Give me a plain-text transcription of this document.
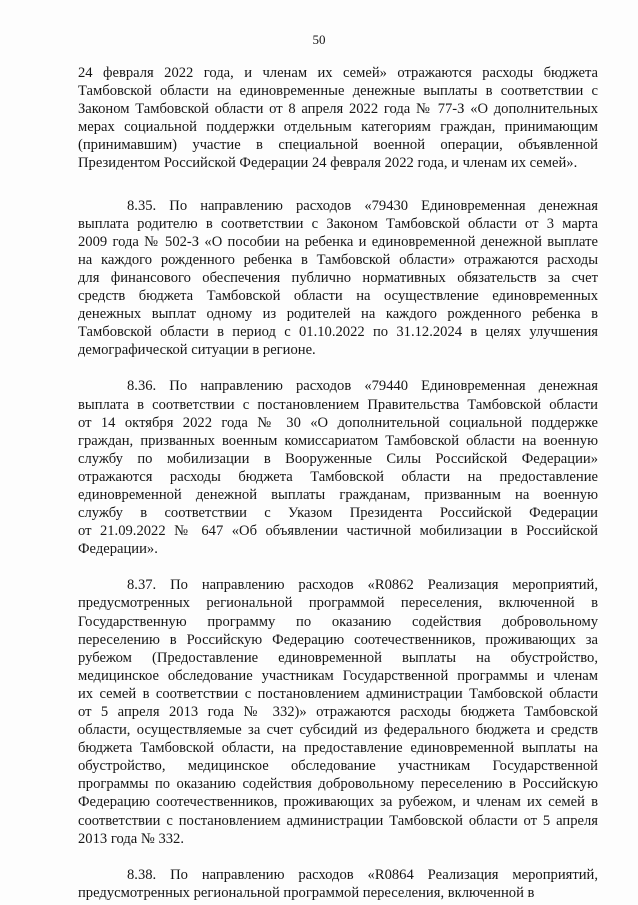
50
24 февраля 2022 года, и членам их семей» отражаются расходы бюджета
Тамбовской области на единовременные денежные выплаты в соответствии с
Законом Тамбовской области от 8 апреля 2022 года № 77-З «О дополнительных
мерах социальной поддержки отдельным категориям граждан, принимающим
(принимавшим) участие в специальной военной операции, объявленной
Президентом Российской Федерации 24 февраля 2022 года, и членам их семей».
8.35. По направлению расходов «79430 Единовременная денежная
выплата родителю в соответствии с Законом Тамбовской области от 3 марта
2009 года № 502-З «О пособии на ребенка и единовременной денежной выплате
на каждого рожденного ребенка в Тамбовской области» отражаются расходы
для финансового обеспечения публично нормативных обязательств за счет
средств бюджета Тамбовской области на осуществление единовременных
денежных выплат одному из родителей на каждого рожденного ребенка в
Тамбовской области в период с 01.10.2022 по 31.12.2024 в целях улучшения
демографической ситуации в регионе.
8.36. По направлению расходов «79440 Единовременная денежная
выплата в соответствии с постановлением Правительства Тамбовской области
от 14 октября 2022 года № 30 «О дополнительной социальной поддержке
граждан, призванных военным комиссариатом Тамбовской области на военную
службу по мобилизации в Вооруженные Силы Российской Федерации»
отражаются расходы бюджета Тамбовской области на предоставление
единовременной денежной выплаты гражданам, призванным на военную
службу в соответствии с Указом Президента Российской Федерации
от 21.09.2022 № 647 «Об объявлении частичной мобилизации в Российской
Федерации».
8.37. По направлению расходов «R0862 Реализация мероприятий,
предусмотренных региональной программой переселения, включенной в
Государственную программу по оказанию содействия добровольному
переселению в Российскую Федерацию соотечественников, проживающих за
рубежом (Предоставление единовременной выплаты на обустройство,
медицинское обследование участникам Государственной программы и членам
их семей в соответствии с постановлением администрации Тамбовской области
от 5 апреля 2013 года № 332)» отражаются расходы бюджета Тамбовской
области, осуществляемые за счет субсидий из федерального бюджета и средств
бюджета Тамбовской области, на предоставление единовременной выплаты на
обустройство, медицинское обследование участникам Государственной
программы по оказанию содействия добровольному переселению в Российскую
Федерацию соотечественников, проживающих за рубежом, и членам их семей в
соответствии с постановлением администрации Тамбовской области от 5 апреля
2013 года № 332.
8.38. По направлению расходов «R0864 Реализация мероприятий,
предусмотренных региональной программой переселения, включенной в
